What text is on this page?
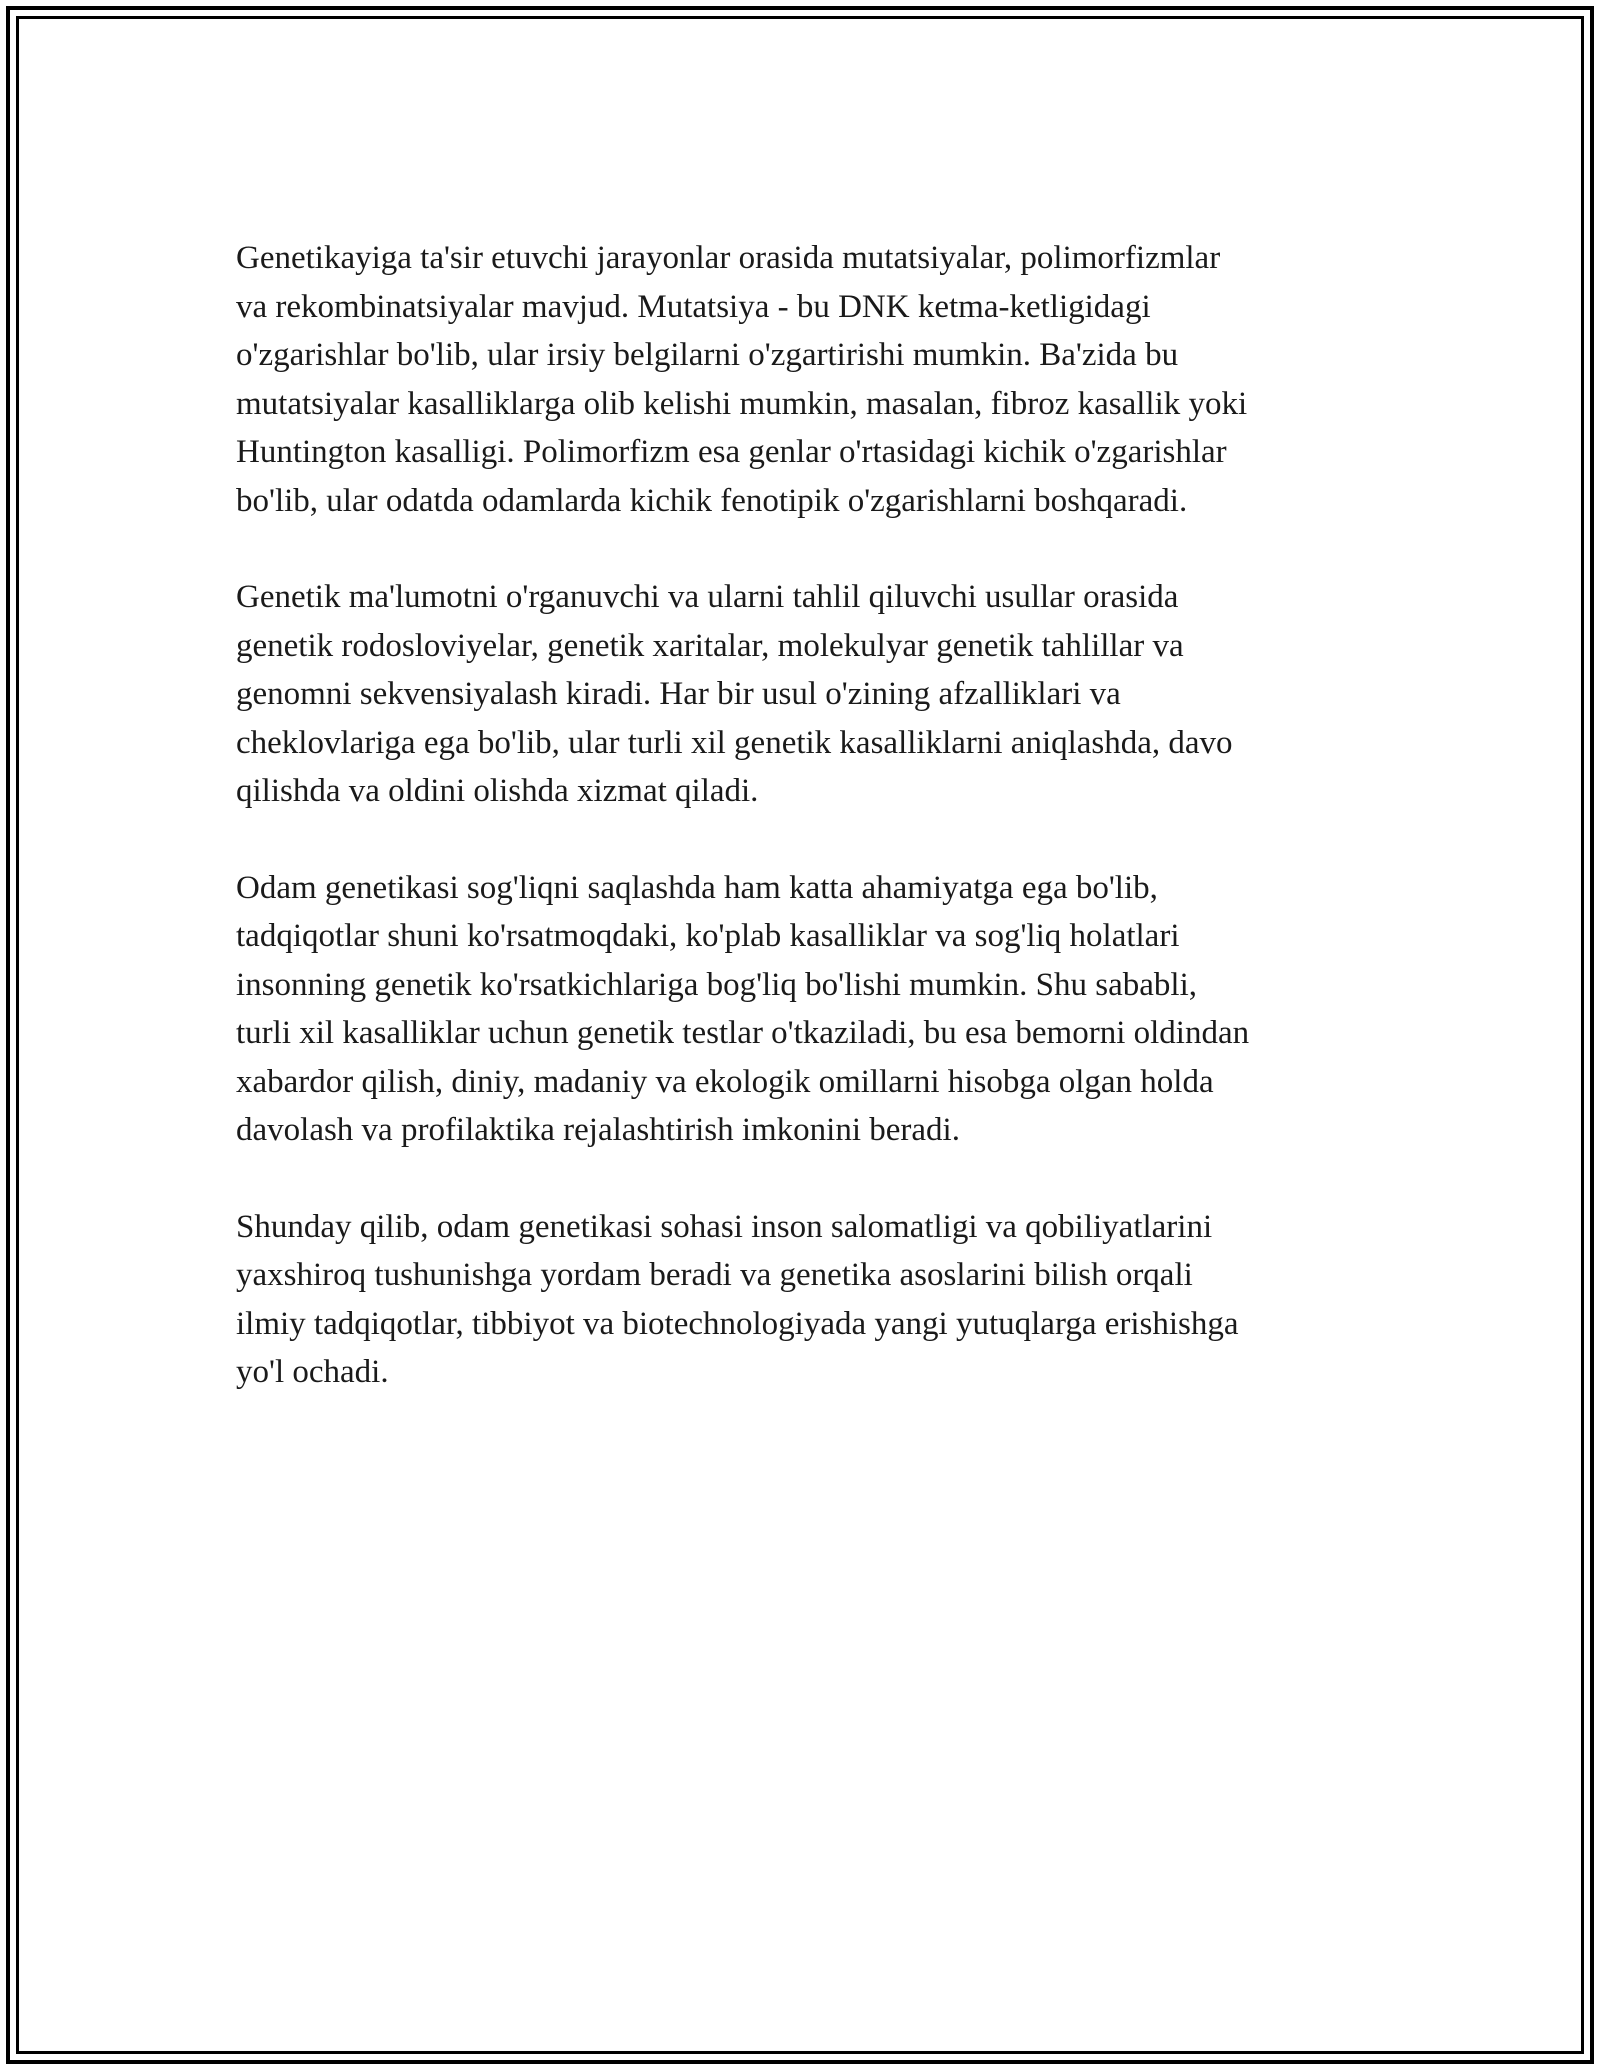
Genetikayiga ta'sir etuvchi jarayonlar orasida mutatsiyalar, polimorfizmlar
va rekombinatsiyalar mavjud. Mutatsiya - bu DNK ketma-ketligidagi
o'zgarishlar bo'lib, ular irsiy belgilarni o'zgartirishi mumkin. Ba'zida bu
mutatsiyalar kasalliklarga olib kelishi mumkin, masalan, fibroz kasallik yoki
Huntington kasalligi. Polimorfizm esa genlar o'rtasidagi kichik o'zgarishlar
bo'lib, ular odatda odamlarda kichik fenotipik o'zgarishlarni boshqaradi.

Genetik ma'lumotni o'rganuvchi va ularni tahlil qiluvchi usullar orasida
genetik rodosloviyelar, genetik xaritalar, molekulyar genetik tahlillar va
genomni sekvensiyalash kiradi. Har bir usul o'zining afzalliklari va
cheklovlariga ega bo'lib, ular turli xil genetik kasalliklarni aniqlashda, davo
qilishda va oldini olishda xizmat qiladi.

Odam genetikasi sog'liqni saqlashda ham katta ahamiyatga ega bo'lib,
tadqiqotlar shuni ko'rsatmoqdaki, ko'plab kasalliklar va sog'liq holatlari
insonning genetik ko'rsatkichlariga bog'liq bo'lishi mumkin. Shu sababli,
turli xil kasalliklar uchun genetik testlar o'tkaziladi, bu esa bemorni oldindan
xabardor qilish, diniy, madaniy va ekologik omillarni hisobga olgan holda
davolash va profilaktika rejalashtirish imkonini beradi.

Shunday qilib, odam genetikasi sohasi inson salomatligi va qobiliyatlarini
yaxshiroq tushunishga yordam beradi va genetika asoslarini bilish orqali
ilmiy tadqiqotlar, tibbiyot va biotechnologiyada yangi yutuqlarga erishishga
yo'l ochadi.
